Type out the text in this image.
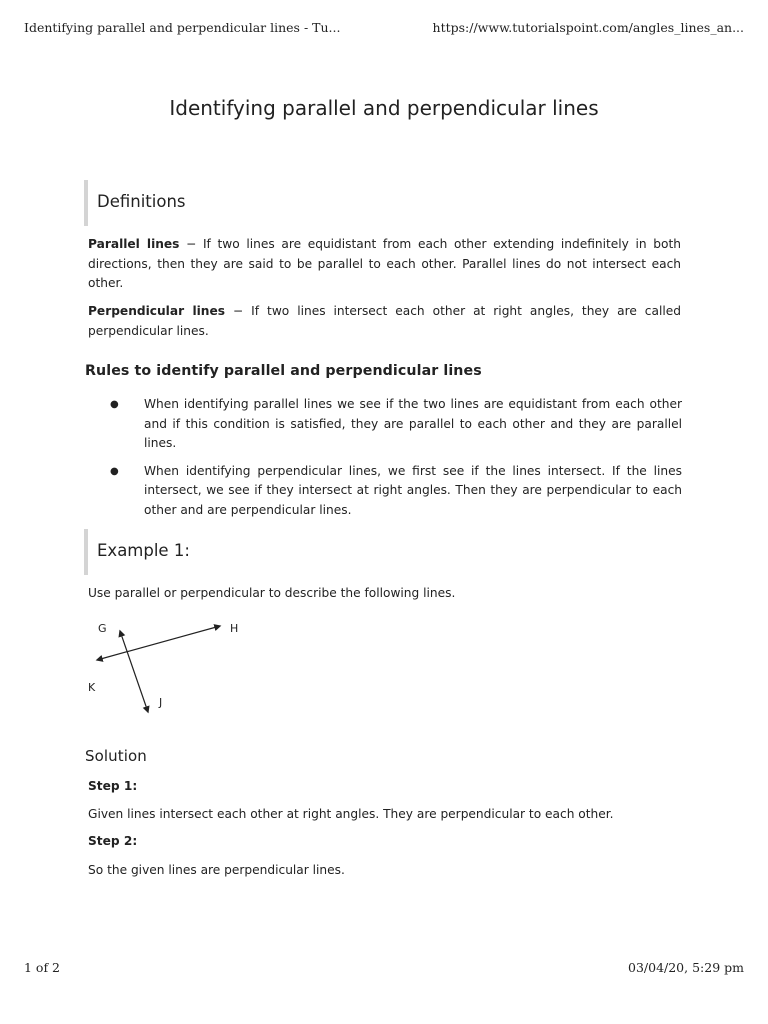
Identifying parallel and perpendicular lines - Tu...	https://www.tutorialspoint.com/angles_lines_an...
Identifying parallel and perpendicular lines
Definitions

Parallel lines − If two lines are equidistant from each other extending indefinitely in both directions, then they are said to be parallel to each other. Parallel lines do not intersect each other.

Perpendicular lines − If two lines intersect each other at right angles, they are called perpendicular lines.

Rules to identify parallel and perpendicular lines
● When identifying parallel lines we see if the two lines are equidistant from each other and if this condition is satisfied, they are parallel to each other and they are parallel lines.
● When identifying perpendicular lines, we first see if the lines intersect. If the lines intersect, we see if they intersect at right angles. Then they are perpendicular to each other and are perpendicular lines.
Example 1:

Use parallel or perpendicular to describe the following lines.

G	H
K
J
Solution

Step 1:

Given lines intersect each other at right angles. They are perpendicular to each other.

Step 2:

So the given lines are perpendicular lines.

1 of 2	03/04/20, 5:29 pm
